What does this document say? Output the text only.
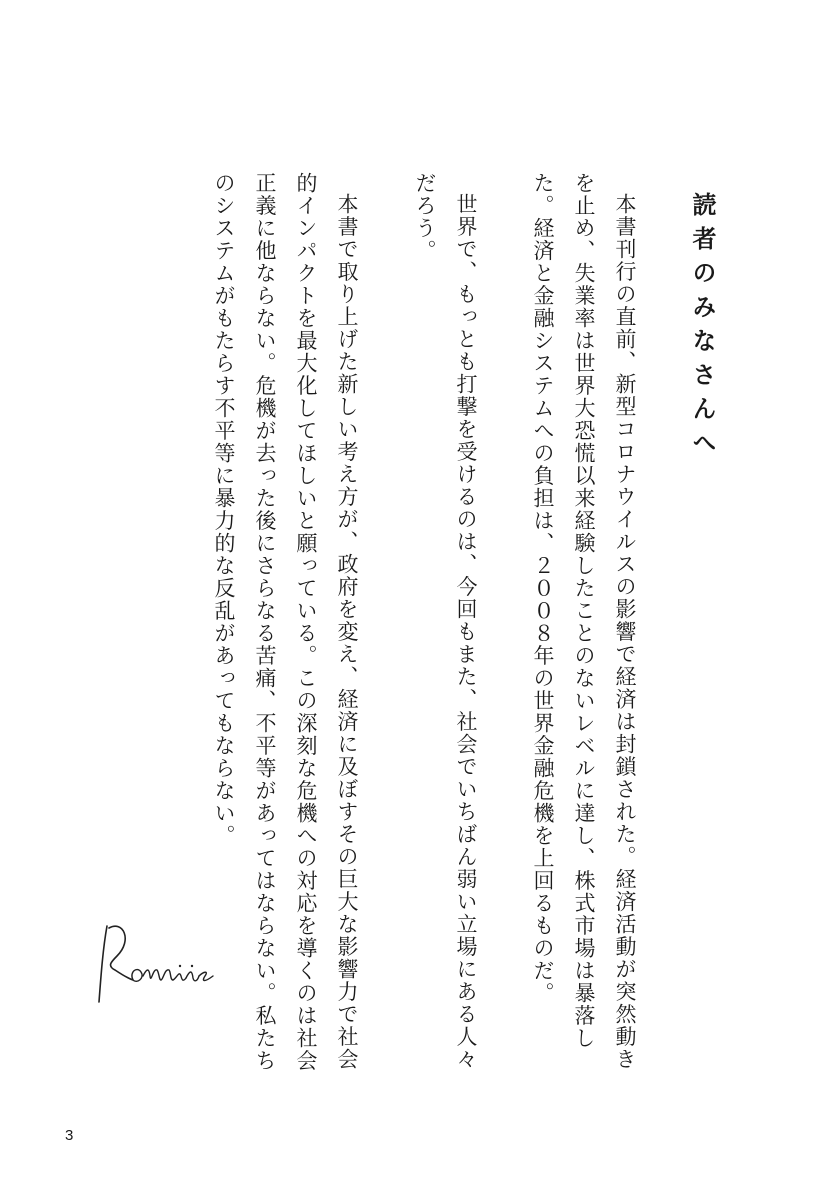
読者のみなさんへ
本書刊行の直前、新型コロナウイルスの影響で経済は封鎖された。経済活動が突然動き
を止め、失業率は世界大恐慌以来経験したことのないレベルに達し、株式市場は暴落し
た。経済と金融システムへの負担は、２００８年の世界金融危機を上回るものだ。
世界で、もっとも打撃を受けるのは、今回もまた、社会でいちばん弱い立場にある人々
だろう。
本書で取り上げた新しい考え方が、政府を変え、経済に及ぼすその巨大な影響力で社会
的インパクトを最大化してほしいと願っている。この深刻な危機への対応を導くのは社会
正義に他ならない。危機が去った後にさらなる苦痛、不平等があってはならない。私たち
のシステムがもたらす不平等に暴力的な反乱があってもならない。
3
